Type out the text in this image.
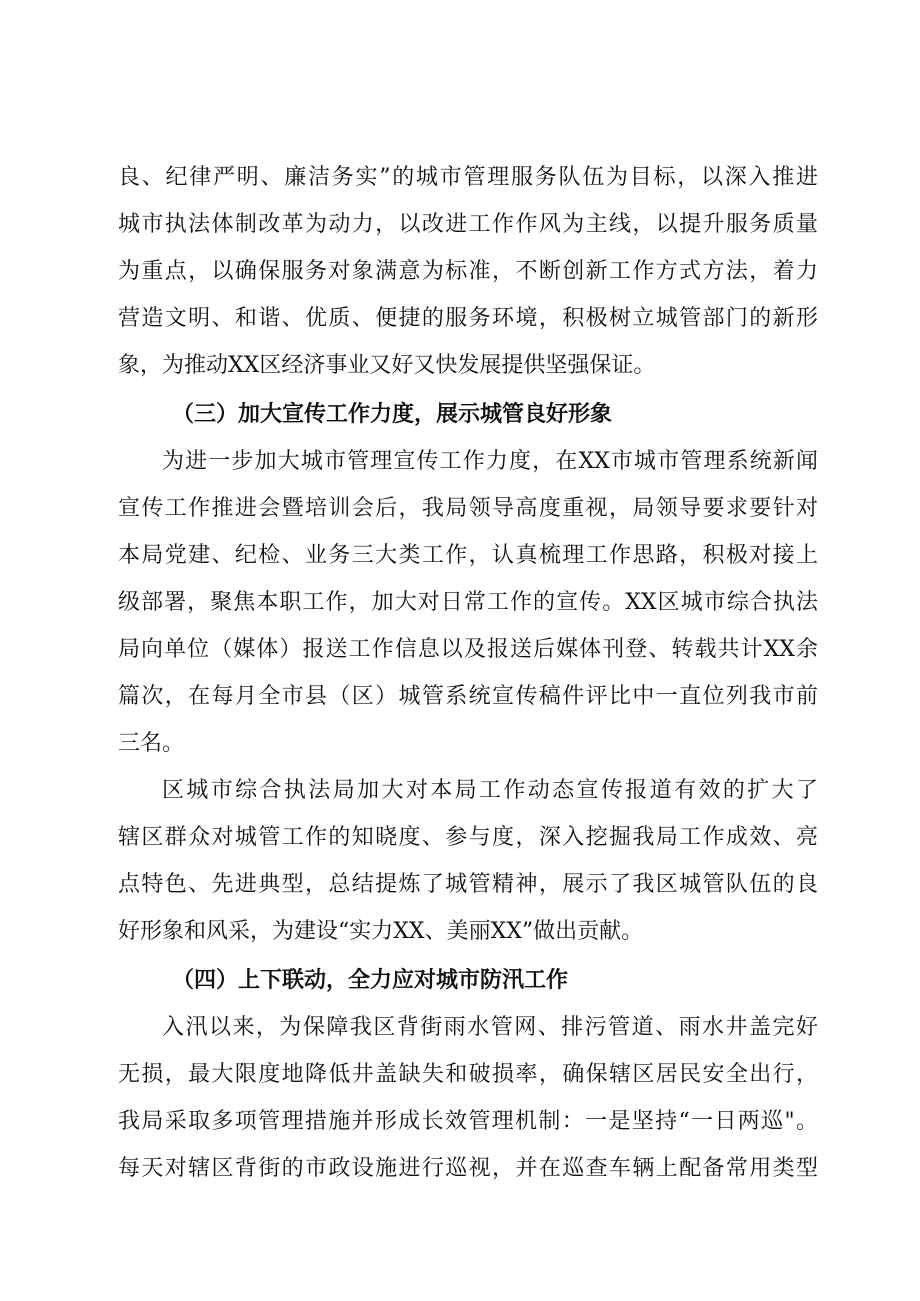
良、纪律严明、廉洁务实”的城市管理服务队伍为目标，以深入推进
城市执法体制改革为动力，以改进工作作风为主线，以提升服务质量
为重点，以确保服务对象满意为标准，不断创新工作方式方法，着力
营造文明、和谐、优质、便捷的服务环境，积极树立城管部门的新形
象，为推动XX区经济事业又好又快发展提供坚强保证。
（三）加大宣传工作力度，展示城管良好形象
为进一步加大城市管理宣传工作力度，在XX市城市管理系统新闻
宣传工作推进会暨培训会后，我局领导高度重视，局领导要求要针对
本局党建、纪检、业务三大类工作，认真梳理工作思路，积极对接上
级部署，聚焦本职工作，加大对日常工作的宣传。XX区城市综合执法
局向单位（媒体）报送工作信息以及报送后媒体刊登、转载共计XX余
篇次，在每月全市县（区）城管系统宣传稿件评比中一直位列我市前
三名。
区城市综合执法局加大对本局工作动态宣传报道有效的扩大了
辖区群众对城管工作的知晓度、参与度，深入挖掘我局工作成效、亮
点特色、先进典型，总结提炼了城管精神，展示了我区城管队伍的良
好形象和风采，为建设“实力XX、美丽XX”做出贡献。
（四）上下联动，全力应对城市防汛工作
入汛以来，为保障我区背街雨水管网、排污管道、雨水井盖完好
无损，最大限度地降低井盖缺失和破损率，确保辖区居民安全出行，
我局采取多项管理措施并形成长效管理机制：一是坚持“一日两巡"。
每天对辖区背街的市政设施进行巡视，并在巡查车辆上配备常用类型
